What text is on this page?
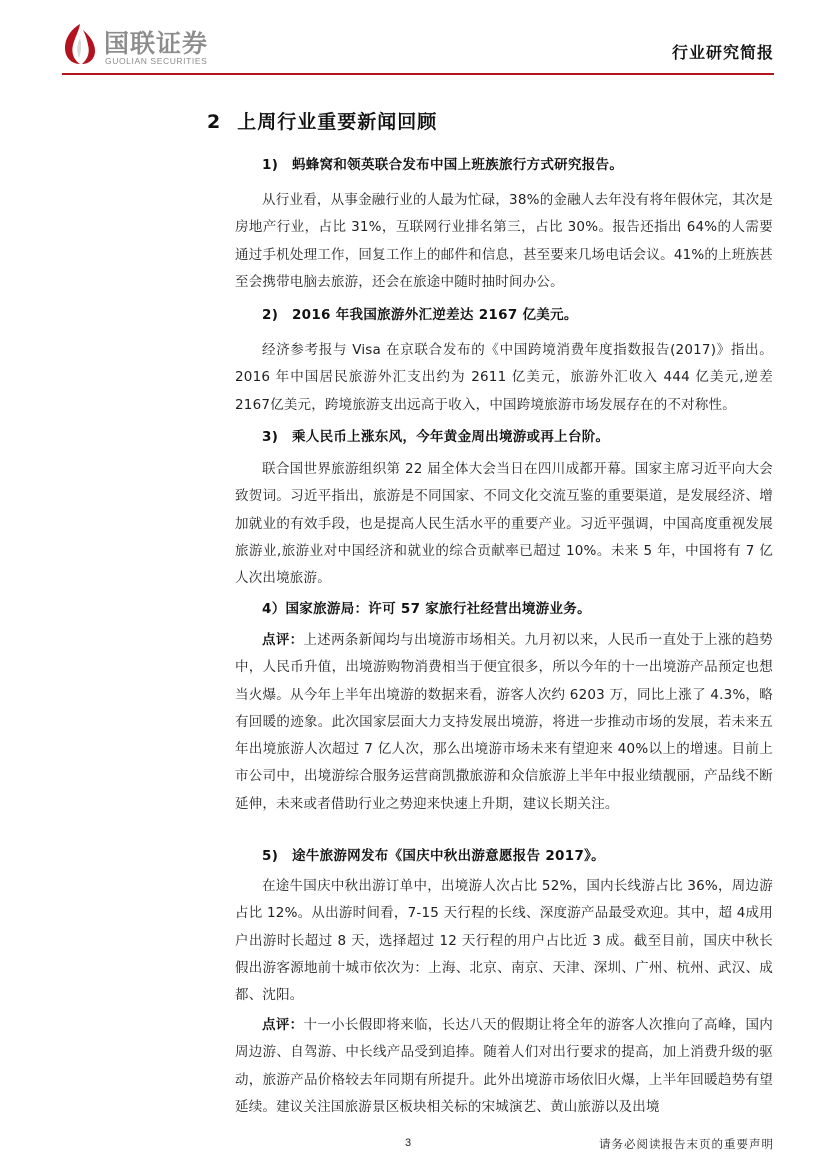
国联证券
GUOLIAN SECURITIES	行业研究简报
2 上周行业重要新闻回顾
1)　蚂蜂窝和领英联合发布中国上班族旅行方式研究报告。

从行业看，从事金融行业的人最为忙碌，38%的金融人去年没有将年假休完，其次是房地产行业，占比 31%，互联网行业排名第三，占比 30%。报告还指出 64%的人需要通过手机处理工作，回复工作上的邮件和信息，甚至要来几场电话会议。41%的上班族甚至会携带电脑去旅游，还会在旅途中随时抽时间办公。

2)　2016 年我国旅游外汇逆差达 2167 亿美元。

经济参考报与 Visa 在京联合发布的《中国跨境消费年度指数报告(2017)》指出。2016 年中国居民旅游外汇支出约为 2611 亿美元，旅游外汇收入 444 亿美元,逆差 2167亿美元，跨境旅游支出远高于收入，中国跨境旅游市场发展存在的不对称性。

3)　乘人民币上涨东风，今年黄金周出境游或再上台阶。

联合国世界旅游组织第 22 届全体大会当日在四川成都开幕。国家主席习近平向大会致贺词。习近平指出，旅游是不同国家、不同文化交流互鉴的重要渠道，是发展经济、增加就业的有效手段，也是提高人民生活水平的重要产业。习近平强调，中国高度重视发展旅游业,旅游业对中国经济和就业的综合贡献率已超过 10%。未来 5 年，中国将有 7 亿人次出境旅游。

4）国家旅游局：许可 57 家旅行社经营出境游业务。

点评：上述两条新闻均与出境游市场相关。九月初以来，人民币一直处于上涨的趋势中，人民币升值，出境游购物消费相当于便宜很多，所以今年的十一出境游产品预定也想当火爆。从今年上半年出境游的数据来看，游客人次约 6203 万，同比上涨了 4.3%，略有回暖的迹象。此次国家层面大力支持发展出境游，将进一步推动市场的发展，若未来五年出境旅游人次超过 7 亿人次，那么出境游市场未来有望迎来 40%以上的增速。目前上市公司中，出境游综合服务运营商凯撒旅游和众信旅游上半年中报业绩靓丽，产品线不断延伸，未来或者借助行业之势迎来快速上升期，建议长期关注。

5)　途牛旅游网发布《国庆中秋出游意愿报告 2017》。

在途牛国庆中秋出游订单中，出境游人次占比 52%，国内长线游占比 36%，周边游占比 12%。从出游时间看，7-15 天行程的长线、深度游产品最受欢迎。其中，超 4成用户出游时长超过 8 天，选择超过 12 天行程的用户占比近 3 成。截至目前，国庆中秋长假出游客源地前十城市依次为：上海、北京、南京、天津、深圳、广州、杭州、武汉、成都、沈阳。

点评：十一小长假即将来临，长达八天的假期让将全年的游客人次推向了高峰，国内周边游、自驾游、中长线产品受到追捧。随着人们对出行要求的提高，加上消费升级的驱动，旅游产品价格较去年同期有所提升。此外出境游市场依旧火爆，上半年回暖趋势有望延续。建议关注国旅游景区板块相关标的宋城演艺、黄山旅游以及出境

3	请务必阅读报告末页的重要声明
